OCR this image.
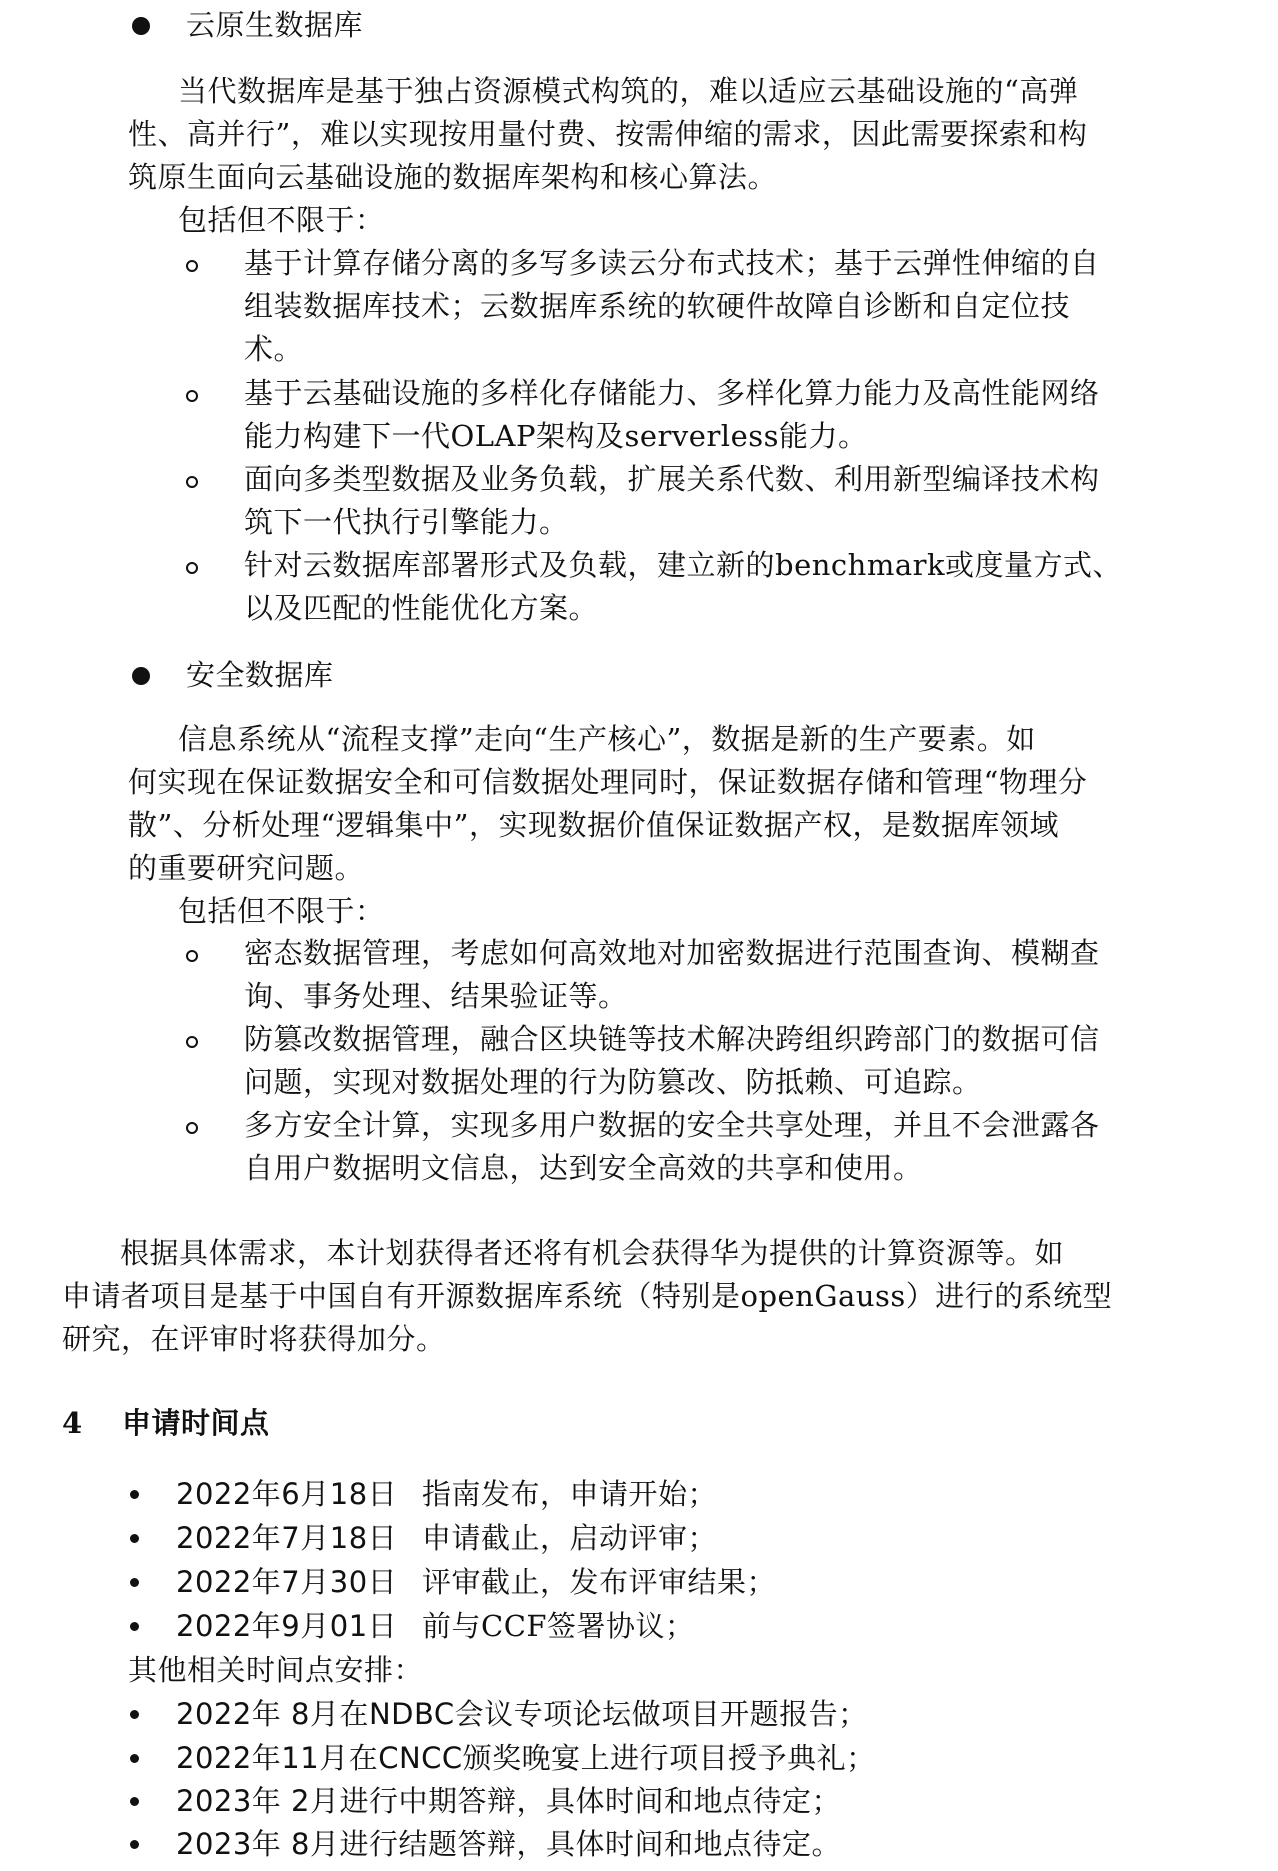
云原生数据库
当代数据库是基于独占资源模式构筑的，难以适应云基础设施的“高弹
性、高并行”，难以实现按用量付费、按需伸缩的需求，因此需要探索和构
筑原生面向云基础设施的数据库架构和核心算法。
包括但不限于：
基于计算存储分离的多写多读云分布式技术；基于云弹性伸缩的自
组装数据库技术；云数据库系统的软硬件故障自诊断和自定位技
术。
基于云基础设施的多样化存储能力、多样化算力能力及高性能网络
能力构建下一代OLAP架构及serverless能力。
面向多类型数据及业务负载，扩展关系代数、利用新型编译技术构
筑下一代执行引擎能力。
针对云数据库部署形式及负载，建立新的benchmark或度量方式、
以及匹配的性能优化方案。
安全数据库
信息系统从“流程支撑”走向“生产核心”，数据是新的生产要素。如
何实现在保证数据安全和可信数据处理同时，保证数据存储和管理“物理分
散”、分析处理“逻辑集中”，实现数据价值保证数据产权，是数据库领域
的重要研究问题。
包括但不限于：
密态数据管理，考虑如何高效地对加密数据进行范围查询、模糊查
询、事务处理、结果验证等。
防篡改数据管理，融合区块链等技术解决跨组织跨部门的数据可信
问题，实现对数据处理的行为防篡改、防抵赖、可追踪。
多方安全计算，实现多用户数据的安全共享处理，并且不会泄露各
自用户数据明文信息，达到安全高效的共享和使用。
根据具体需求，本计划获得者还将有机会获得华为提供的计算资源等。如
申请者项目是基于中国自有开源数据库系统（特别是openGauss）进行的系统型
研究，在评审时将获得加分。
4 申请时间点
2022年6月18日 指南发布，申请开始；
2022年7月18日 申请截止，启动评审；
2022年7月30日 评审截止，发布评审结果；
2022年9月01日 前与CCF签署协议；
其他相关时间点安排：
2022年 8月在NDBC会议专项论坛做项目开题报告；
2022年11月在CNCC颁奖晚宴上进行项目授予典礼；
2023年 2月进行中期答辩，具体时间和地点待定；
2023年 8月进行结题答辩，具体时间和地点待定。
